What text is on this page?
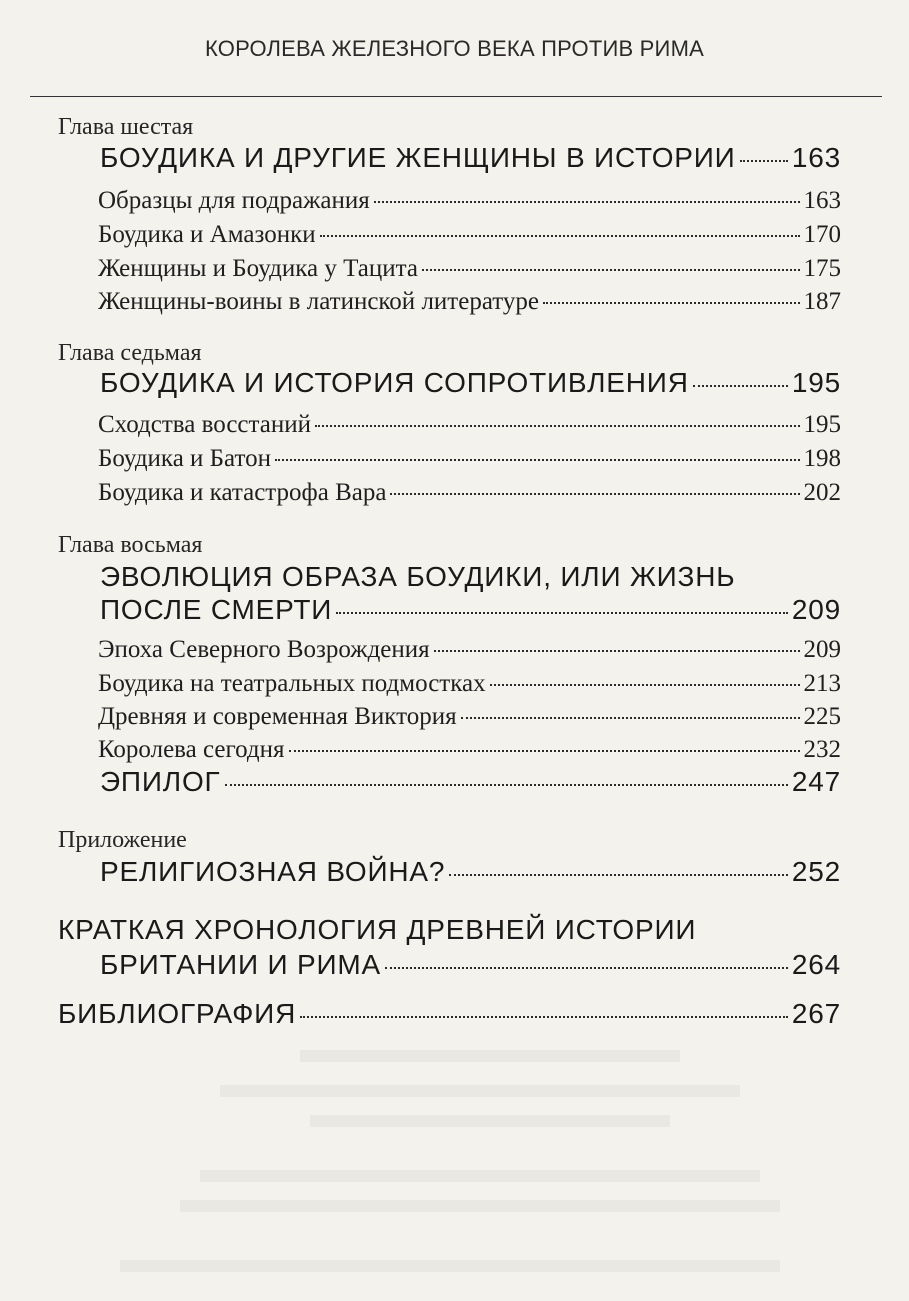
КОРОЛЕВА ЖЕЛЕЗНОГО ВЕКА ПРОТИВ РИМА
Глава шестая
БОУДИКА И ДРУГИЕ ЖЕНЩИНЫ В ИСТОРИИ 163
Образцы для подражания	163
Боудика и Амазонки	170
Женщины и Боудика у Тацита	175
Женщины-воины в латинской литературе	187
Глава седьмая
БОУДИКА И ИСТОРИЯ СОПРОТИВЛЕНИЯ	195
Сходства восстаний	195
Боудика и Батон	198
Боудика и катастрофа Вара	202
Глава восьмая
ЭВОЛЮЦИЯ ОБРАЗА БОУДИКИ, ИЛИ ЖИЗНЬ
ПОСЛЕ СМЕРТИ	209
Эпоха Северного Возрождения	209
Боудика на театральных подмостках	213
Древняя и современная Виктория	225
Королева сегодня	232
ЭПИЛОГ	247
Приложение
РЕЛИГИОЗНАЯ ВОЙНА?	252
КРАТКАЯ ХРОНОЛОГИЯ ДРЕВНЕЙ ИСТОРИИ
БРИТАНИИ И РИМА	264
БИБЛИОГРАФИЯ	267
